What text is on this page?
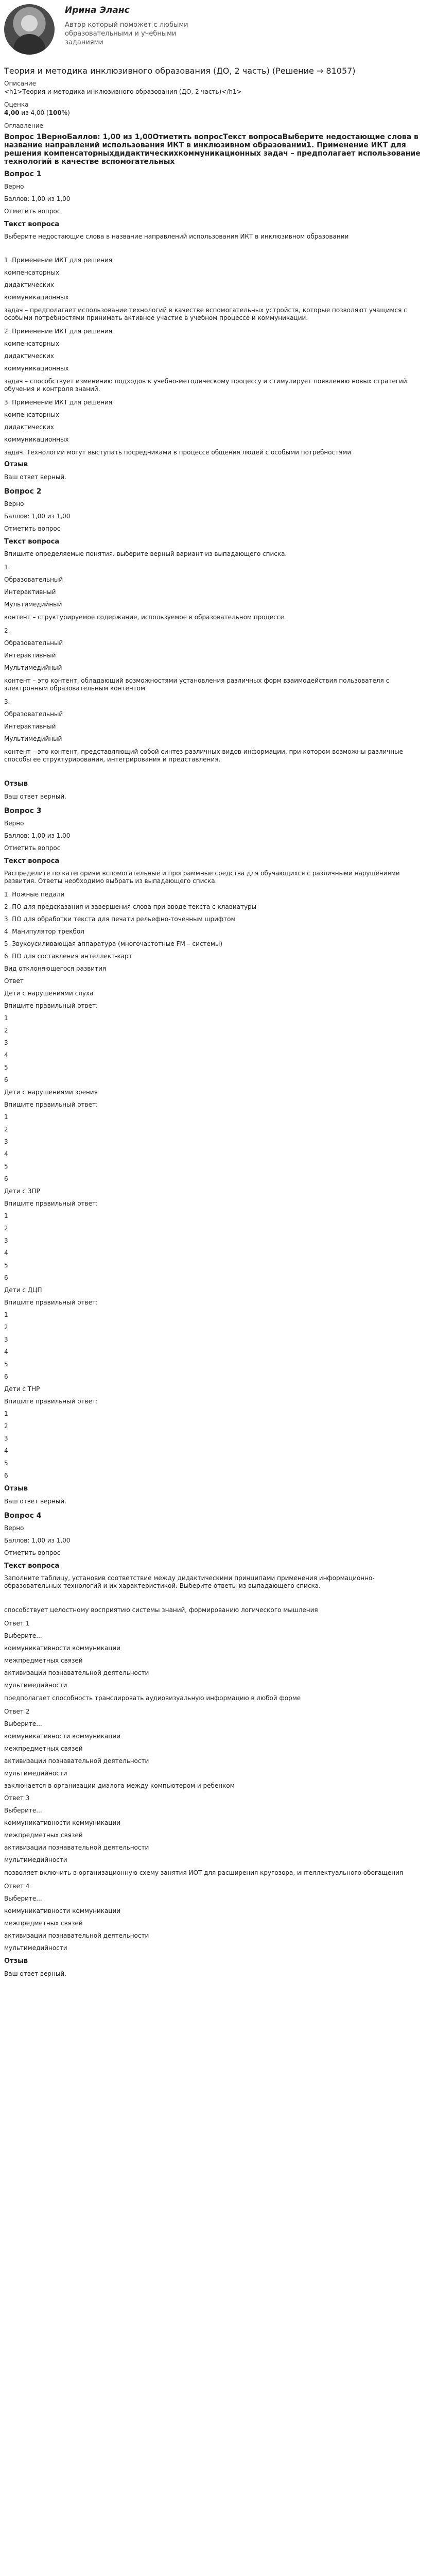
Ирина Эланс
Автор который поможет с любыми образовательными и учебными заданиями
Теория и методика инклюзивного образования (ДО, 2 часть) (Решение → 81057)
Описание
<h1>Теория и методика инклюзивного образования (ДО, 2 часть)</h1>
Оценка
4,00 из 4,00 (100%)
Оглавление
Вопрос 1ВерноБаллов: 1,00 из 1,00Отметить вопросТекст вопросаВыберите недостающие слова в название направлений использования ИКТ в инклюзивном образовании1. Применение ИКТ для решения компенсаторныхдидактическихкоммуникационных задач – предполагает использование технологий в качестве вспомогательных
Вопрос 1
Верно
Баллов: 1,00 из 1,00
Отметить вопрос
Текст вопроса
Выберите недостающие слова в название направлений использования ИКТ в инклюзивном образовании
1. Применение ИКТ для решения
компенсаторных
дидактических
коммуникационных
задач – предполагает использование технологий в качестве вспомогательных устройств, которые позволяют учащимся с особыми потребностями принимать активное участие в учебном процессе и коммуникации.
2. Применение ИКТ для решения
компенсаторных
дидактических
коммуникационных
задач – способствует изменению подходов к учебно-методическому процессу и стимулирует появлению новых стратегий обучения и контроля знаний.
3. Применение ИКТ для решения
компенсаторных
дидактических
коммуникационных
задач. Технологии могут выступать посредниками в процессе общения людей с особыми потребностями
Отзыв
Ваш ответ верный.
Вопрос 2
Верно
Баллов: 1,00 из 1,00
Отметить вопрос
Текст вопроса
Впишите определяемые понятия. выберите верный вариант из выпадающего списка.
1.
Образовательный
Интерактивный
Мультимедийный
контент – структурируемое содержание, используемое в образовательном процессе.
2.
Образовательный
Интерактивный
Мультимедийный
контент – это контент, обладающий возможностями установления различных форм взаимодействия пользователя с электронным образовательным контентом
3.
Образовательный
Интерактивный
Мультимедийный
контент – это контент, представляющий собой синтез различных видов информации, при котором возможны различные способы ее структурирования, интегрирования и представления.
Отзыв
Ваш ответ верный.
Вопрос 3
Верно
Баллов: 1,00 из 1,00
Отметить вопрос
Текст вопроса
Распределите по категориям вспомогательные и программные средства для обучающихся с различными нарушениями развития. Ответы необходимо выбрать из выпадающего списка.
1. Ножные педали
2. ПО для предсказания и завершения слова при вводе текста с клавиатуры
3. ПО для обработки текста для печати рельефно-точечным шрифтом
4. Манипулятор трекбол
5. Звукоусиливающая аппаратура (многочастотные FM – системы)
6. ПО для составления интеллект-карт
Вид отклоняющегося развития
Ответ
Дети с нарушениями слуха
Впишите правильный ответ:
1
2
3
4
5
6
Дети с нарушениями зрения
Впишите правильный ответ:
1
2
3
4
5
6
Дети с ЗПР
Впишите правильный ответ:
1
2
3
4
5
6
Дети с ДЦП
Впишите правильный ответ:
1
2
3
4
5
6
Дети с ТНР
Впишите правильный ответ:
1
2
3
4
5
6
Отзыв
Ваш ответ верный.
Вопрос 4
Верно
Баллов: 1,00 из 1,00
Отметить вопрос
Текст вопроса
Заполните таблицу, установив соответствие между дидактическими принципами применения информационно-образовательных технологий и их характеристикой. Выберите ответы из выпадающего списка.
способствует целостному восприятию системы знаний, формированию логического мышления
Ответ 1
Выберите...
коммуникативности коммуникации
межпредметных связей
активизации познавательной деятельности
мультимедийности
предполагает способность транслировать аудиовизуальную информацию в любой форме
Ответ 2
Выберите...
коммуникативности коммуникации
межпредметных связей
активизации познавательной деятельности
мультимедийности
заключается в организации диалога между компьютером и ребенком
Ответ 3
Выберите...
коммуникативности коммуникации
межпредметных связей
активизации познавательной деятельности
мультимедийности
позволяет включить в организационную схему занятия ИОТ для расширения кругозора, интеллектуального обогащения
Ответ 4
Выберите...
коммуникативности коммуникации
межпредметных связей
активизации познавательной деятельности
мультимедийности
Отзыв
Ваш ответ верный.
